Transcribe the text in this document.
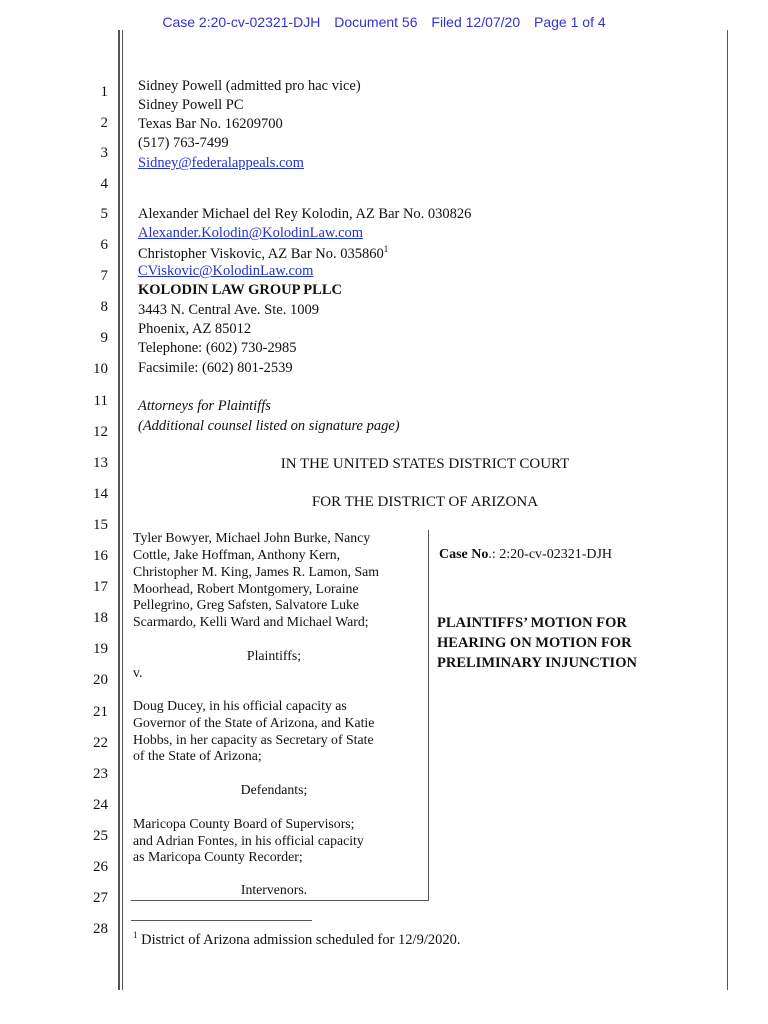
Case 2:20-cv-02321-DJH Document 56 Filed 12/07/20 Page 1 of 4
1
2
3
4
5
6
7
8
9
10
11
12
13
14
15
16
17
18
19
20
21
22
23
24
25
26
27
28
Sidney Powell (admitted pro hac vice)
Sidney Powell PC
Texas Bar No. 16209700
(517) 763-7499
Sidney@federalappeals.com
Alexander Michael del Rey Kolodin, AZ Bar No. 030826
Alexander.Kolodin@KolodinLaw.com
Christopher Viskovic, AZ Bar No. 035860$^1$
CViskovic@KolodinLaw.com
KOLODIN LAW GROUP PLLC
3443 N. Central Ave. Ste. 1009
Phoenix, AZ 85012
Telephone: (602) 730-2985
Facsimile: (602) 801-2539
Attorneys for Plaintiffs
(Additional counsel listed on signature page)
IN THE UNITED STATES DISTRICT COURT
FOR THE DISTRICT OF ARIZONA
Tyler Bowyer, Michael John Burke, Nancy
Cottle, Jake Hoffman, Anthony Kern,
Christopher M. King, James R. Lamon, Sam
Moorhead, Robert Montgomery, Loraine
Pellegrino, Greg Safsten, Salvatore Luke
Scarmardo, Kelli Ward and Michael Ward;
Plaintiffs;
v.
Doug Ducey, in his official capacity as
Governor of the State of Arizona, and Katie
Hobbs, in her capacity as Secretary of State
of the State of Arizona;
Defendants;
Maricopa County Board of Supervisors;
and Adrian Fontes, in his official capacity
as Maricopa County Recorder;
Intervenors.
Case No.: 2:20-cv-02321-DJH
PLAINTIFFS’ MOTION FOR
HEARING ON MOTION FOR
PRELIMINARY INJUNCTION
$^1$ District of Arizona admission scheduled for 12/9/2020.
